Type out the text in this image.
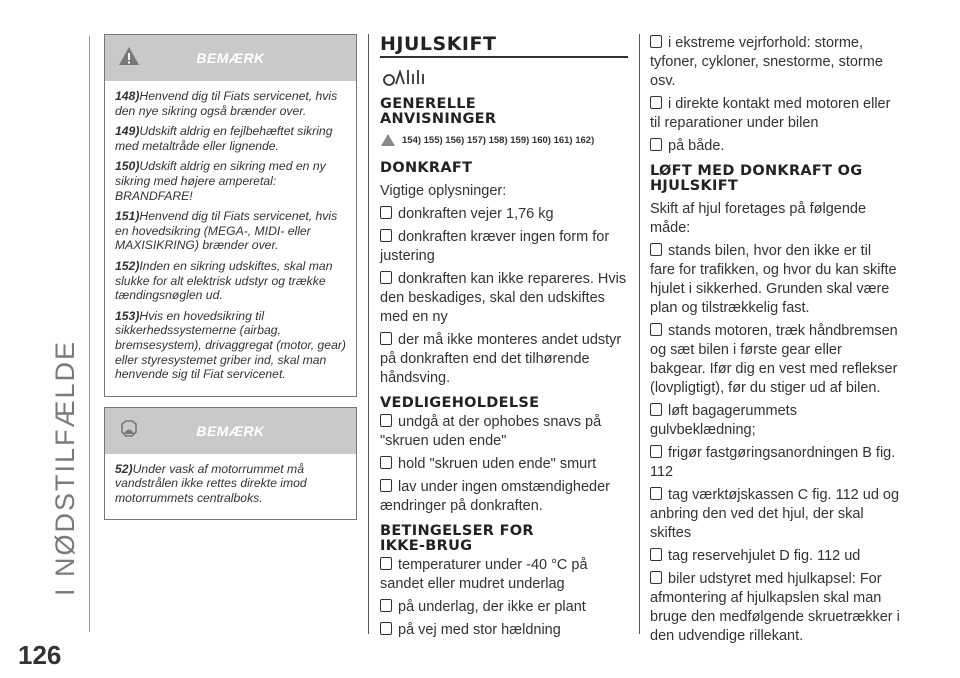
I NØDSTILFÆLDE
126
BEMÆRK

148)Henvend dig til Fiats servicenet, hvis den nye sikring også brænder over.

149)Udskift aldrig en fejlbehæftet sikring med metaltråde eller lignende.

150)Udskift aldrig en sikring med en ny sikring med højere amperetal: BRANDFARE!

151)Henvend dig til Fiats servicenet, hvis en hovedsikring (MEGA-, MIDI- eller MAXISIKRING) brænder over.

152)Inden en sikring udskiftes, skal man slukke for alt elektrisk udstyr og trække tændingsnøglen ud.

153)Hvis en hovedsikring til sikkerhedssystemerne (airbag, bremsesystem), drivaggregat (motor, gear) eller styresystemet griber ind, skal man henvende sig til Fiat servicenet.

BEMÆRK

52)Under vask af motorrummet må vandstrålen ikke rettes direkte imod motorrummets centralboks.

HJULSKIFT
GENERELLE ANVISNINGER
154) 155) 156) 157) 158) 159) 160) 161) 162)
DONKRAFT
Vigtige oplysninger:
donkraften vejer 1,76 kg
donkraften kræver ingen form for justering
donkraften kan ikke repareres. Hvis den beskadiges, skal den udskiftes med en ny
der må ikke monteres andet udstyr på donkraften end det tilhørende håndsving.
VEDLIGEHOLDELSE
undgå at der ophobes snavs på "skruen uden ende"
hold "skruen uden ende" smurt
lav under ingen omstændigheder ændringer på donkraften.
BETINGELSER FOR IKKE-BRUG
temperaturer under -40 °C på sandet eller mudret underlag
på underlag, der ikke er plant
på vej med stor hældning
i ekstreme vejrforhold: storme, tyfoner, cykloner, snestorme, storme osv.
i direkte kontakt med motoren eller til reparationer under bilen
på både.
LØFT MED DONKRAFT OG HJULSKIFT
Skift af hjul foretages på følgende måde:
stands bilen, hvor den ikke er til fare for trafikken, og hvor du kan skifte hjulet i sikkerhed. Grunden skal være plan og tilstrækkelig fast.
stands motoren, træk håndbremsen og sæt bilen i første gear eller bakgear. Ifør dig en vest med reflekser (lovpligtigt), før du stiger ud af bilen.
løft bagagerummets gulvbeklædning;
frigør fastgøringsanordningen B fig. 112
tag værktøjskassen C fig. 112 ud og anbring den ved det hjul, der skal skiftes
tag reservehjulet D fig. 112 ud
biler udstyret med hjulkapsel: For afmontering af hjulkapslen skal man bruge den medfølgende skruetrækker i den udvendige rillekant.
